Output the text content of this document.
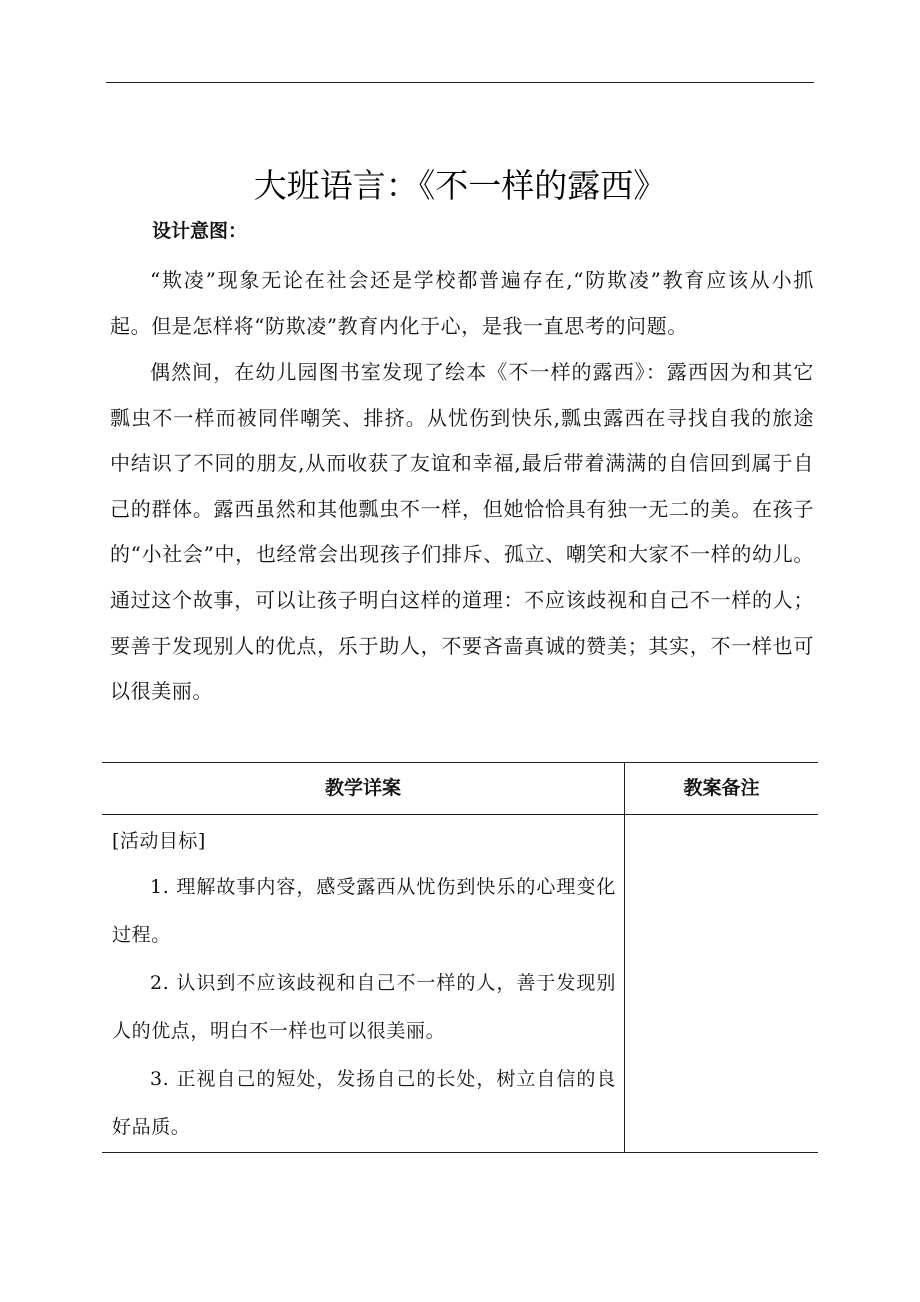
大班语言：《不一样的露西》
设计意图：

“欺凌”现象无论在社会还是学校都普遍存在,“防欺凌”教育应该从小抓起。但是怎样将“防欺凌”教育内化于心，是我一直思考的问题。

偶然间，在幼儿园图书室发现了绘本《不一样的露西》：露西因为和其它瓢虫不一样而被同伴嘲笑、排挤。从忧伤到快乐,瓢虫露西在寻找自我的旅途中结识了不同的朋友,从而收获了友谊和幸福,最后带着满满的自信回到属于自己的群体。露西虽然和其他瓢虫不一样，但她恰恰具有独一无二的美。在孩子的“小社会”中，也经常会出现孩子们排斥、孤立、嘲笑和大家不一样的幼儿。通过这个故事，可以让孩子明白这样的道理：不应该歧视和自己不一样的人；要善于发现别人的优点，乐于助人，不要吝啬真诚的赞美；其实，不一样也可以很美丽。

教学详案	教案备注

[活动目标]

1. 理解故事内容，感受露西从忧伤到快乐的心理变化过程。

2. 认识到不应该歧视和自己不一样的人，善于发现别人的优点，明白不一样也可以很美丽。

3. 正视自己的短处，发扬自己的长处，树立自信的良好品质。
